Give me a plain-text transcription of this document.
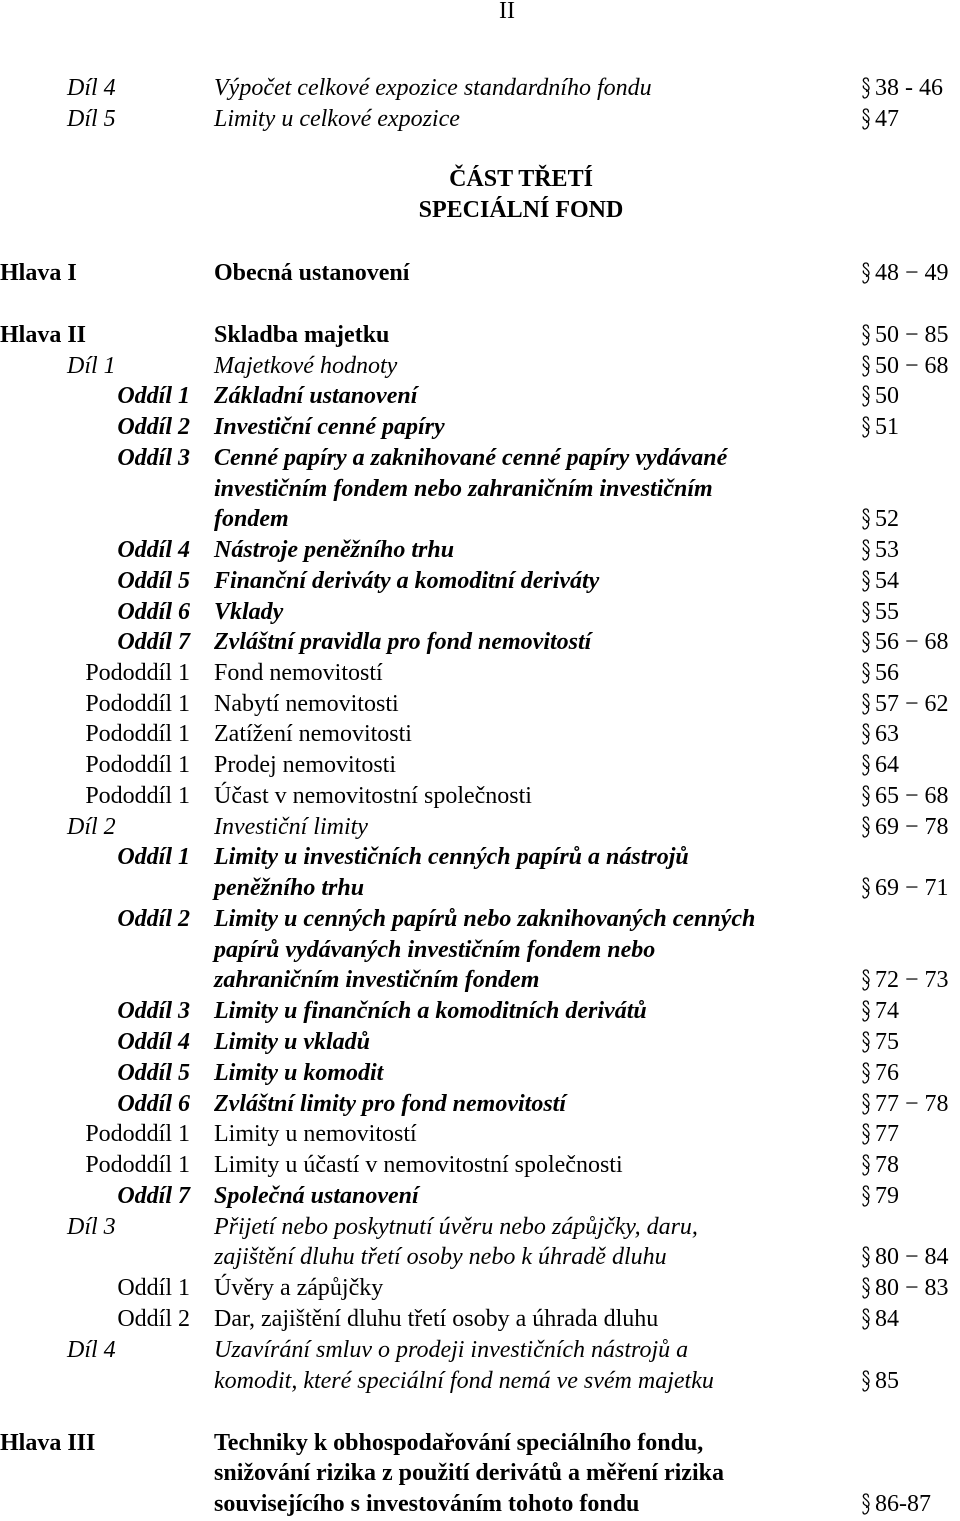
II
ČÁST TŘETÍ
SPECIÁLNÍ FOND
Díl 4	Výpočet celkové expozice standardního fondu	38 - 46
Díl 5	Limity u celkové expozice	47
Hlava I	Obecná ustanovení	48 − 49
Hlava II	Skladba majetku	50 − 85
Díl 1	Majetkové hodnoty	50 − 68
Oddíl 1 Základní ustanovení	50
Oddíl 2 Investiční cenné papíry	51
Oddíl 3 Cenné papíry a zaknihované cenné papíry vydávané
investičním fondem nebo zahraničním investičním
fondem	52
Oddíl 4 Nástroje peněžního trhu	53
Oddíl 5 Finanční deriváty a komoditní deriváty	54
Oddíl 6 Vklady	55
Oddíl 7 Zvláštní pravidla pro fond nemovitostí	56 − 68
Pododdíl 1 Fond nemovitostí	56
Pododdíl 1 Nabytí nemovitosti	57 − 62
Pododdíl 1 Zatížení nemovitosti	63
Pododdíl 1 Prodej nemovitosti	64
Pododdíl 1 Účast v nemovitostní společnosti	65 − 68
Díl 2	Investiční limity	69 − 78
Oddíl 1 Limity u investičních cenných papírů a nástrojů
peněžního trhu	69 − 71
Oddíl 2 Limity u cenných papírů nebo zaknihovaných cenných
papírů vydávaných investičním fondem nebo
zahraničním investičním fondem	72 − 73
Oddíl 3 Limity u finančních a komoditních derivátů	74
Oddíl 4 Limity u vkladů	75
Oddíl 5 Limity u komodit	76
Oddíl 6 Zvláštní limity pro fond nemovitostí	77 − 78
Pododdíl 1 Limity u nemovitostí	77
Pododdíl 1 Limity u účastí v nemovitostní společnosti	78
Oddíl 7 Společná ustanovení	79
Díl 3	Přijetí nebo poskytnutí úvěru nebo zápůjčky, daru,
zajištění dluhu třetí osoby nebo k úhradě dluhu	80 − 84
Oddíl 1 Úvěry a zápůjčky	80 − 83
Oddíl 2 Dar, zajištění dluhu třetí osoby a úhrada dluhu	84
Díl 4	Uzavírání smluv o prodeji investičních nástrojů a
komodit, které speciální fond nemá ve svém majetku	85
Hlava III	Techniky k obhospodařování speciálního fondu,
snižování rizika z použití derivátů a měření rizika
souvisejícího s investováním tohoto fondu	86-87
